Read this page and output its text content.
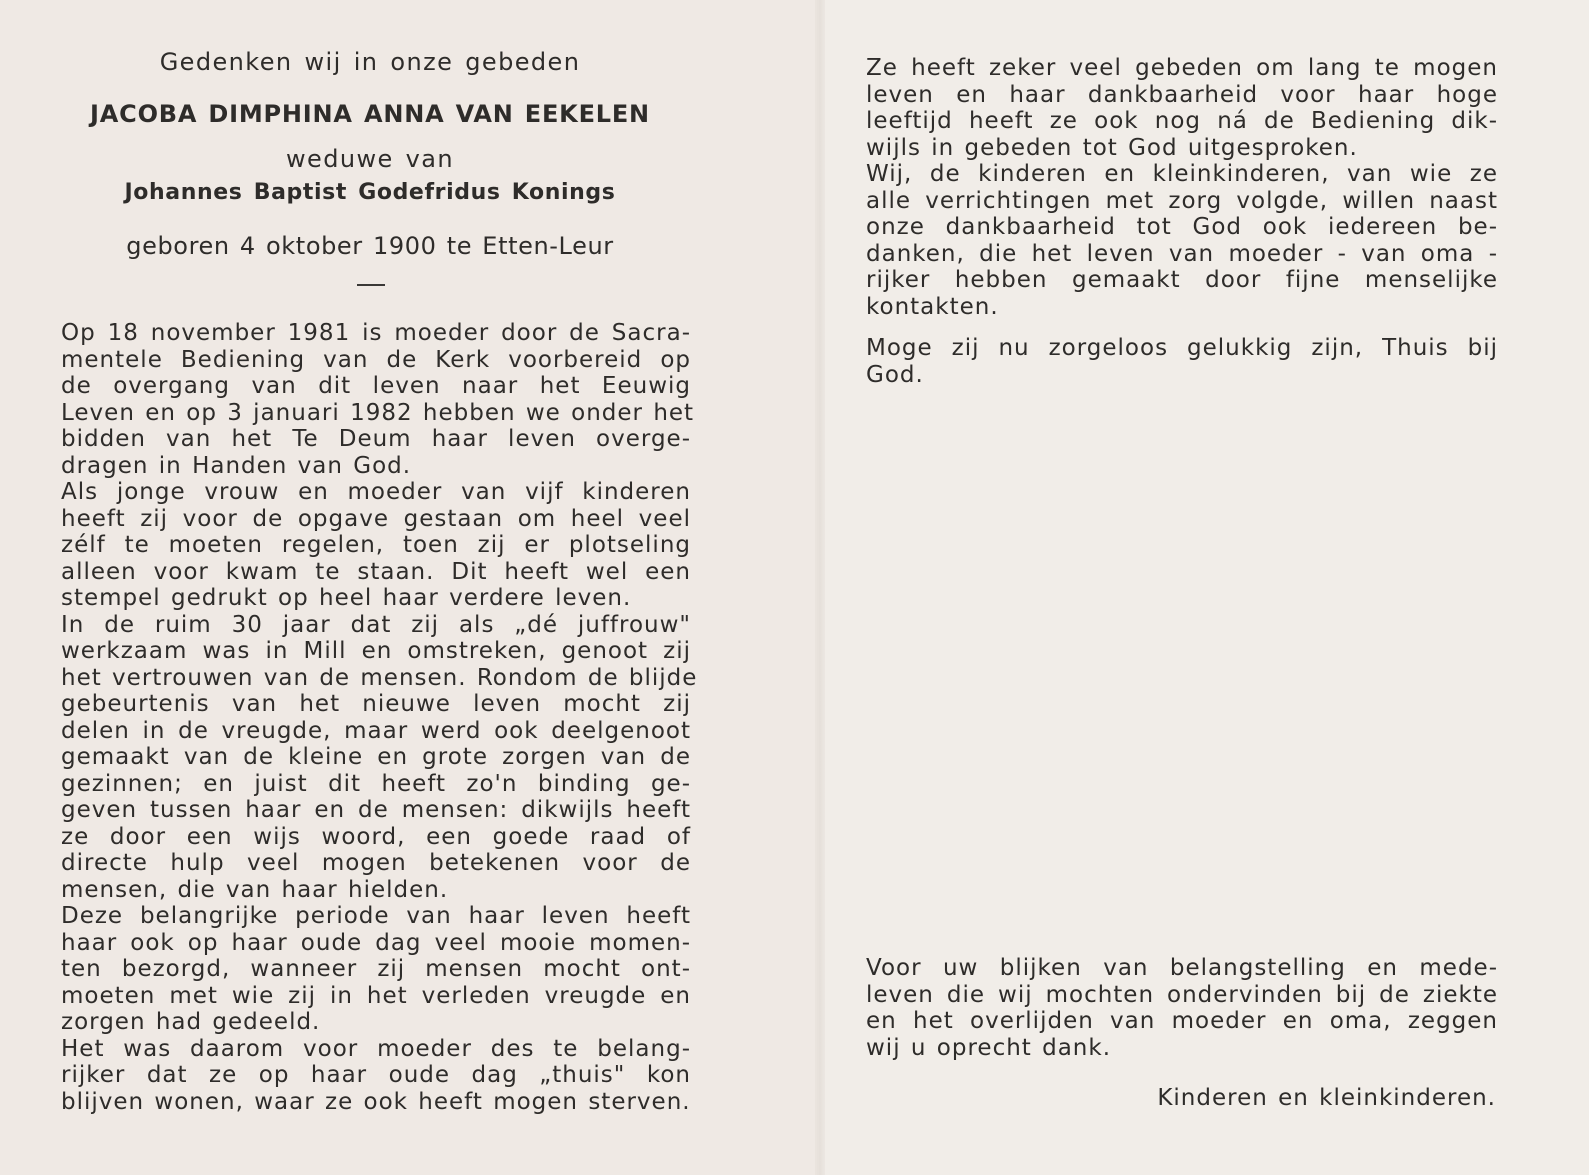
Gedenken wij in onze gebeden
JACOBA DIMPHINA ANNA VAN EEKELEN
weduwe van
Johannes Baptist Godefridus Konings
geboren 4 oktober 1900 te Etten-Leur
Op 18 november 1981 is moeder door de Sacra-
mentele Bediening van de Kerk voorbereid op
de overgang van dit leven naar het Eeuwig
Leven en op 3 januari 1982 hebben we onder het
bidden van het Te Deum haar leven overge-
dragen in Handen van God.
Als jonge vrouw en moeder van vijf kinderen
heeft zij voor de opgave gestaan om heel veel
zélf te moeten regelen, toen zij er plotseling
alleen voor kwam te staan. Dit heeft wel een
stempel gedrukt op heel haar verdere leven.
In de ruim 30 jaar dat zij als „dé juffrouw"
werkzaam was in Mill en omstreken, genoot zij
het vertrouwen van de mensen. Rondom de blijde
gebeurtenis van het nieuwe leven mocht zij
delen in de vreugde, maar werd ook deelgenoot
gemaakt van de kleine en grote zorgen van de
gezinnen; en juist dit heeft zo'n binding ge-
geven tussen haar en de mensen: dikwijls heeft
ze door een wijs woord, een goede raad of
directe hulp veel mogen betekenen voor de
mensen, die van haar hielden.
Deze belangrijke periode van haar leven heeft
haar ook op haar oude dag veel mooie momen-
ten bezorgd, wanneer zij mensen mocht ont-
moeten met wie zij in het verleden vreugde en
zorgen had gedeeld.
Het was daarom voor moeder des te belang-
rijker dat ze op haar oude dag „thuis" kon
blijven wonen, waar ze ook heeft mogen sterven.
Ze heeft zeker veel gebeden om lang te mogen
leven en haar dankbaarheid voor haar hoge
leeftijd heeft ze ook nog ná de Bediening dik-
wijls in gebeden tot God uitgesproken.
Wij, de kinderen en kleinkinderen, van wie ze
alle verrichtingen met zorg volgde, willen naast
onze dankbaarheid tot God ook iedereen be-
danken, die het leven van moeder - van oma -
rijker hebben gemaakt door fijne menselijke
kontakten.
Moge zij nu zorgeloos gelukkig zijn, Thuis bij
God.
Voor uw blijken van belangstelling en mede-
leven die wij mochten ondervinden bij de ziekte
en het overlijden van moeder en oma, zeggen
wij u oprecht dank.
Kinderen en kleinkinderen.
